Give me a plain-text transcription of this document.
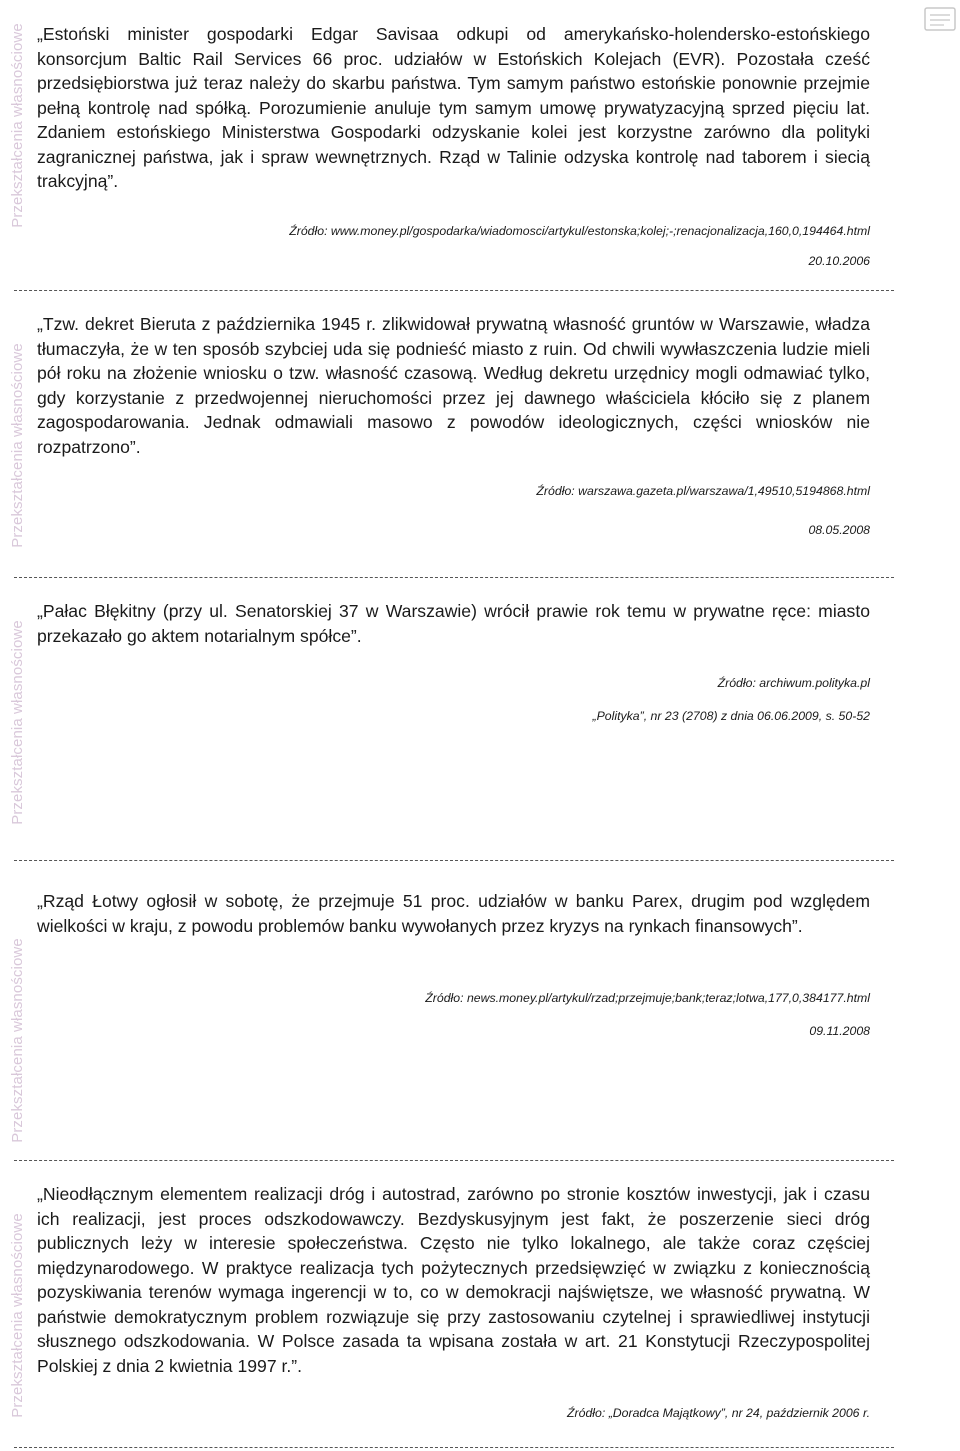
Przekształcenia własnościowe „Estoński minister gospodarki Edgar Savisaa odkupi od amerykańsko-holendersko-estońskiego konsorcjum Baltic Rail Services 66 proc. udziałów w Estońskich Kolejach (EVR). Pozostała cześć przedsiębiorstwa już teraz należy do skarbu państwa. Tym samym państwo estońskie ponownie przejmie pełną kontrolę nad spółką. Porozumienie anuluje tym samym umowę prywatyzacyjną sprzed pięciu lat. Zdaniem estońskiego Ministerstwa Gospodarki odzyskanie kolei jest korzystne zarówno dla polityki zagranicznej państwa, jak i spraw wewnętrznych. Rząd w Talinie odzyska kontrolę nad taborem i siecią trakcyjną”.

Źródło: www.money.pl/gospodarka/wiadomosci/artykul/estonska;kolej;-;renacjonalizacja,160,0,194464.html

20.10.2006

Przekształcenia własnościowe

„Tzw. dekret Bieruta z października 1945 r. zlikwidował prywatną własność gruntów w Warszawie, władza tłumaczyła, że w ten sposób szybciej uda się podnieść miasto z ruin. Od chwili wywłaszczenia ludzie mieli pół roku na złożenie wniosku o tzw. własność czasową. Według dekretu urzędnicy mogli odmawiać tylko, gdy korzystanie z przedwojennej nieruchomości przez jej dawnego właściciela kłóciło się z planem zagospodarowania. Jednak odmawiali masowo z powodów ideologicznych, części wniosków nie rozpatrzono”.

Źródło: warszawa.gazeta.pl/warszawa/1,49510,5194868.html

08.05.2008

Przekształcenia własnościowe

„Pałac Błękitny (przy ul. Senatorskiej 37 w Warszawie) wrócił prawie rok temu w prywatne ręce: miasto przekazało go aktem notarialnym spółce”.

Źródło: archiwum.polityka.pl

„Polityka”, nr 23 (2708) z dnia 06.06.2009, s. 50-52

Przekształcenia własnościowe

„Rząd Łotwy ogłosił w sobotę, że przejmuje 51 proc. udziałów w banku Parex, drugim pod względem wielkości w kraju, z powodu problemów banku wywołanych przez kryzys na rynkach finansowych”.

Źródło: news.money.pl/artykul/rzad;przejmuje;bank;teraz;lotwa,177,0,384177.html

09.11.2008

Przekształcenia własnościowe

„Nieodłącznym elementem realizacji dróg i autostrad, zarówno po stronie kosztów inwestycji, jak i czasu ich realizacji, jest proces odszkodowawczy. Bezdyskusyjnym jest fakt, że poszerzenie sieci dróg publicznych leży w interesie społeczeństwa. Często nie tylko lokalnego, ale także coraz częściej międzynarodowego. W praktyce realizacja tych pożytecznych przedsięwzięć w związku z koniecznością pozyskiwania terenów wymaga ingerencji w to, co w demokracji najświętsze, we własność prywatną. W państwie demokratycznym problem rozwiązuje się przy zastosowaniu czytelnej i sprawiedliwej instytucji słusznego odszkodowania. W Polsce zasada ta wpisana została w art. 21 Konstytucji Rzeczypospolitej Polskiej z dnia 2 kwietnia 1997 r.”.

Źródło: „Doradca Majątkowy”, nr 24, październik 2006 r.
